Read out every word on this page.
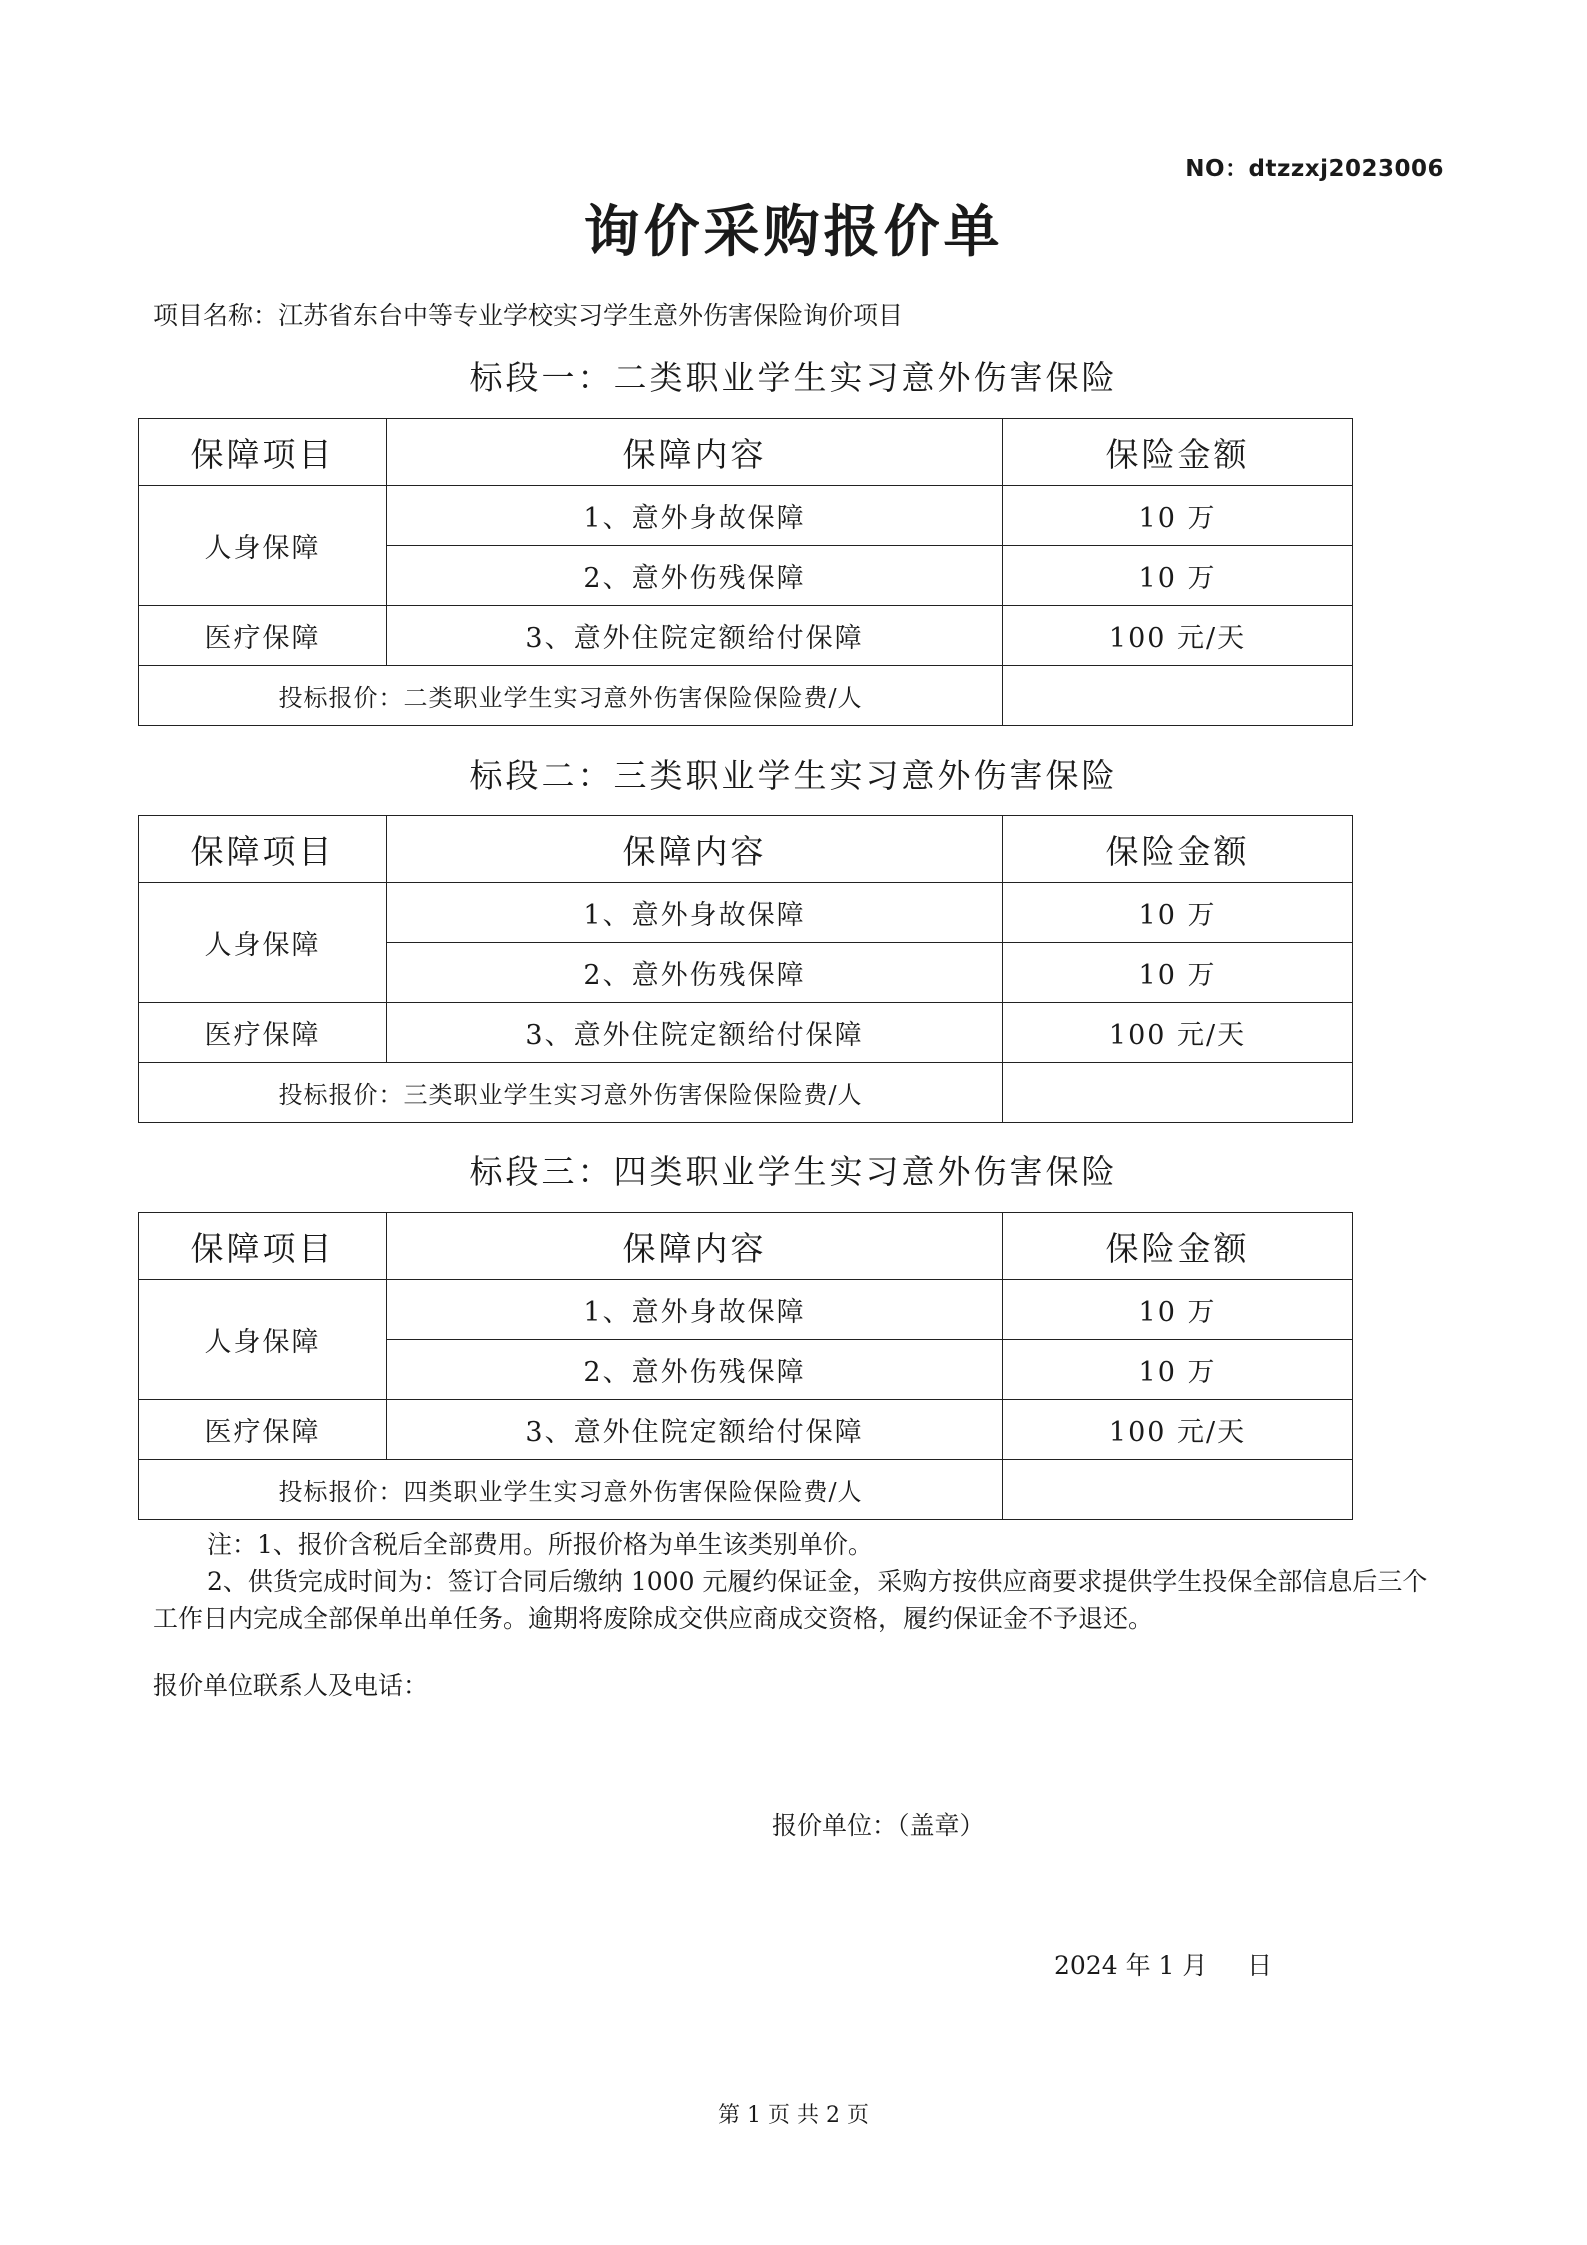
NO：dtzzxj2023006
询价采购报价单
项目名称：江苏省东台中等专业学校实习学生意外伤害保险询价项目
标段一：二类职业学生实习意外伤害保险
保障项目	保障内容	保险金额
人身保障	1、意外身故保障	10 万
	2、意外伤残保障	10 万
医疗保障	3、意外住院定额给付保障	100 元/天
投标报价：二类职业学生实习意外伤害保险保险费/人		
标段二：三类职业学生实习意外伤害保险
保障项目	保障内容	保险金额
人身保障	1、意外身故保障	10 万
	2、意外伤残保障	10 万
医疗保障	3、意外住院定额给付保障	100 元/天
投标报价：三类职业学生实习意外伤害保险保险费/人		
标段三：四类职业学生实习意外伤害保险
保障项目	保障内容	保险金额
人身保障	1、意外身故保障	10 万
	2、意外伤残保障	10 万
医疗保障	3、意外住院定额给付保障	100 元/天
投标报价：四类职业学生实习意外伤害保险保险费/人		
注：1、报价含税后全部费用。所报价格为单生该类别单价。
2、供货完成时间为：签订合同后缴纳 1000 元履约保证金，采购方按供应商要求提供学生投保全部信息后三个工作日内完成全部保单出单任务。逾期将废除成交供应商成交资格，履约保证金不予退还。
报价单位联系人及电话：
报价单位：（盖章）
2024 年 1 月     日
第 1 页 共 2 页
